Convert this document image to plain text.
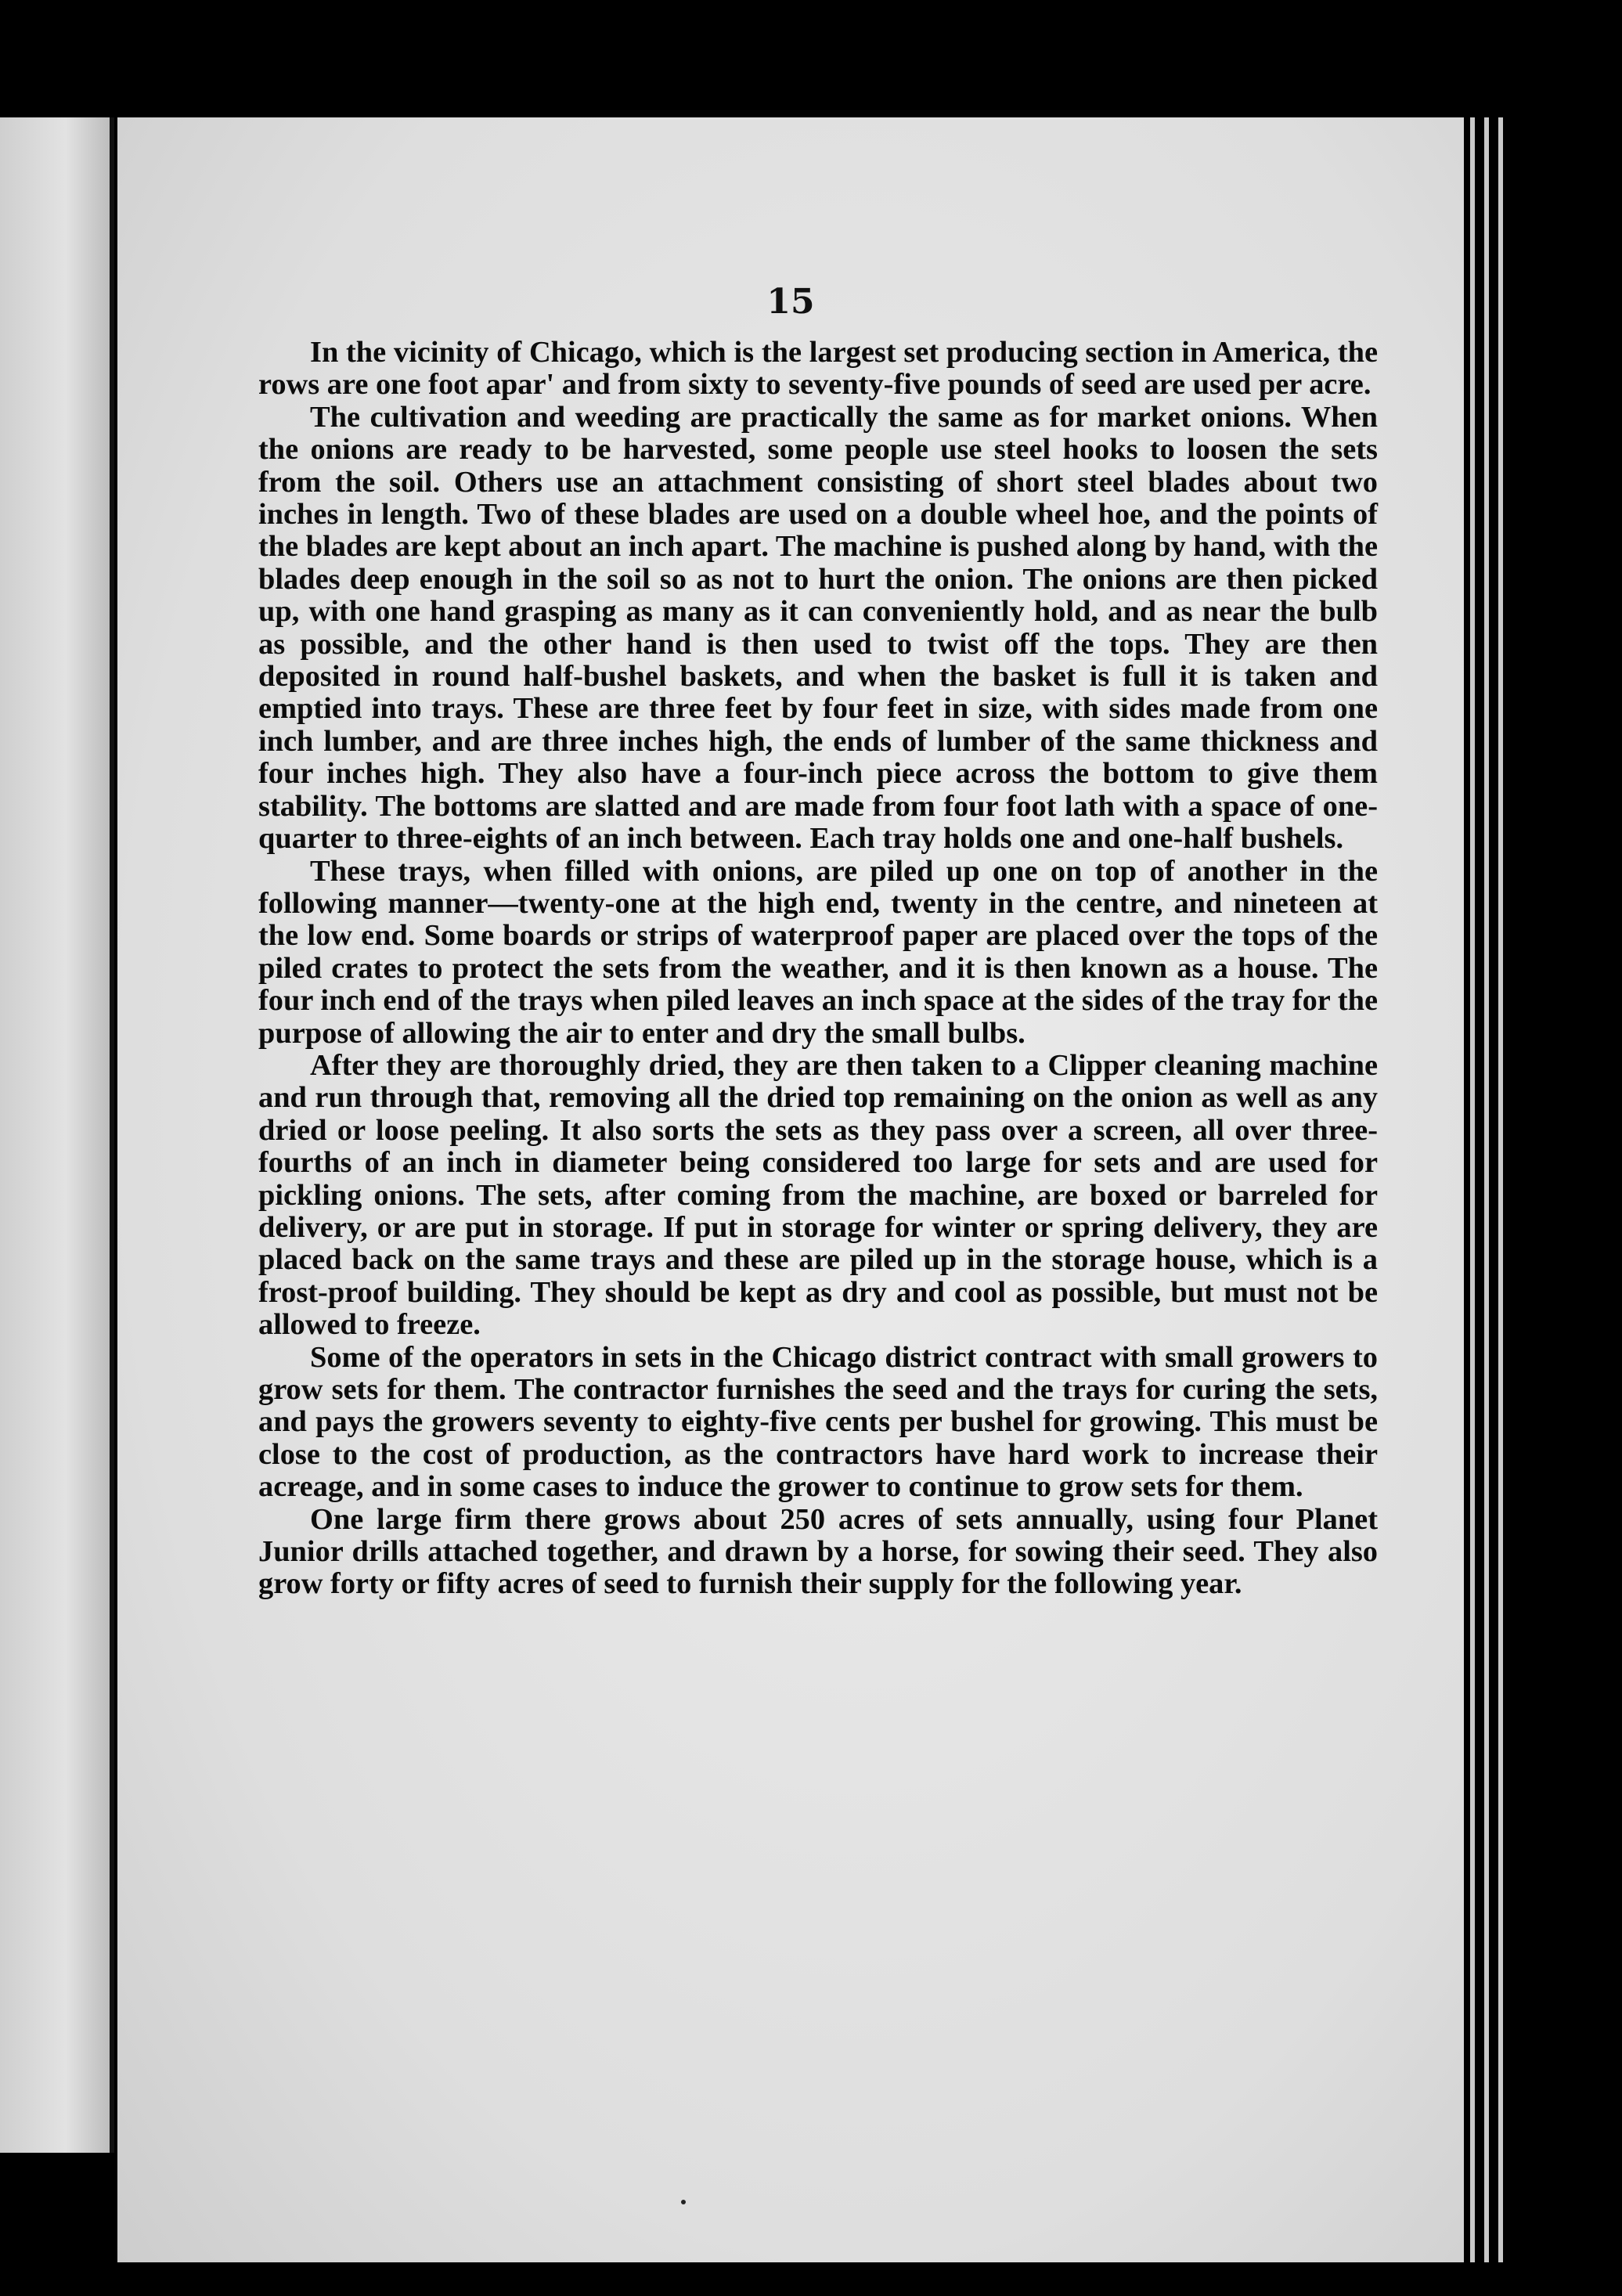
15

In the vicinity of Chicago, which is the largest set producing section in America, the rows are one foot apar' and from sixty to seventy-five pounds of seed are used per acre.

The cultivation and weeding are practically the same as for market onions. When the onions are ready to be harvested, some people use steel hooks to loosen the sets from the soil. Others use an attachment consisting of short steel blades about two inches in length. Two of these blades are used on a double wheel hoe, and the points of the blades are kept about an inch apart. The machine is pushed along by hand, with the blades deep enough in the soil so as not to hurt the onion. The onions are then picked up, with one hand grasping as many as it can conveniently hold, and as near the bulb as possible, and the other hand is then used to twist off the tops. They are then deposited in round half-bushel baskets, and when the basket is full it is taken and emptied into trays. These are three feet by four feet in size, with sides made from one inch lumber, and are three inches high, the ends of lumber of the same thickness and four inches high. They also have a four-inch piece across the bottom to give them stability. The bottoms are slatted and are made from four foot lath with a space of one-quarter to three-eights of an inch between. Each tray holds one and one-half bushels.

These trays, when filled with onions, are piled up one on top of another in the following manner—twenty-one at the high end, twenty in the centre, and nineteen at the low end. Some boards or strips of waterproof paper are placed over the tops of the piled crates to protect the sets from the weather, and it is then known as a house. The four inch end of the trays when piled leaves an inch space at the sides of the tray for the purpose of allowing the air to enter and dry the small bulbs.

After they are thoroughly dried, they are then taken to a Clipper cleaning machine and run through that, removing all the dried top remaining on the onion as well as any dried or loose peeling. It also sorts the sets as they pass over a screen, all over three-fourths of an inch in diameter being considered too large for sets and are used for pickling onions. The sets, after coming from the machine, are boxed or barreled for delivery, or are put in storage. If put in storage for winter or spring delivery, they are placed back on the same trays and these are piled up in the storage house, which is a frost-proof building. They should be kept as dry and cool as possible, but must not be allowed to freeze.

Some of the operators in sets in the Chicago district contract with small growers to grow sets for them. The contractor furnishes the seed and the trays for curing the sets, and pays the growers seventy to eighty-five cents per bushel for growing. This must be close to the cost of production, as the contractors have hard work to increase their acreage, and in some cases to induce the grower to continue to grow sets for them.

One large firm there grows about 250 acres of sets annually, using four Planet Junior drills attached together, and drawn by a horse, for sowing their seed. They also grow forty or fifty acres of seed to furnish their supply for the following year.
